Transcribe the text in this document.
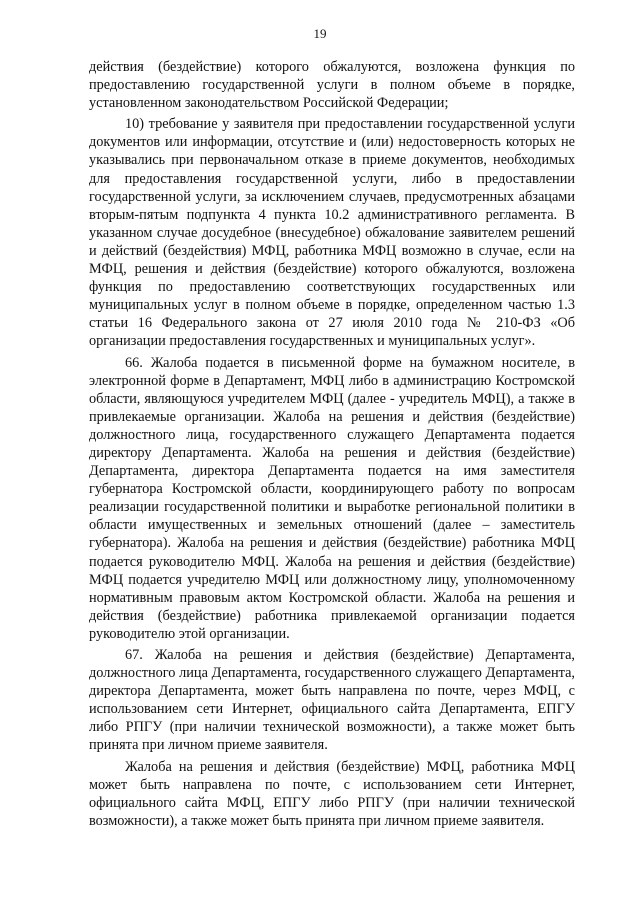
19

действия (бездействие) которого обжалуются, возложена функция по предоставлению государственной услуги в полном объеме в порядке, установленном законодательством Российской Федерации;

10) требование у заявителя при предоставлении государственной услуги документов или информации, отсутствие и (или) недостоверность которых не указывались при первоначальном отказе в приеме документов, необходимых для предоставления государственной услуги, либо в предоставлении государственной услуги, за исключением случаев, предусмотренных абзацами вторым-пятым подпункта 4 пункта 10.2 административного регламента. В указанном случае досудебное (внесудебное) обжалование заявителем решений и действий (бездействия) МФЦ, работника МФЦ возможно в случае, если на МФЦ, решения и действия (бездействие) которого обжалуются, возложена функция по предоставлению соответствующих государственных или муниципальных услуг в полном объеме в порядке, определенном частью 1.3 статьи 16 Федерального закона от 27 июля 2010 года № 210-ФЗ «Об организации предоставления государственных и муниципальных услуг».

66. Жалоба подается в письменной форме на бумажном носителе, в электронной форме в Департамент, МФЦ либо в администрацию Костромской области, являющуюся учредителем МФЦ (далее - учредитель МФЦ), а также в привлекаемые организации. Жалоба на решения и действия (бездействие) должностного лица, государственного служащего Департамента подается директору Департамента. Жалоба на решения и действия (бездействие) Департамента, директора Департамента подается на имя заместителя губернатора Костромской области, координирующего работу по вопросам реализации государственной политики и выработке региональной политики в области имущественных и земельных отношений (далее – заместитель губернатора). Жалоба на решения и действия (бездействие) работника МФЦ подается руководителю МФЦ. Жалоба на решения и действия (бездействие) МФЦ подается учредителю МФЦ или должностному лицу, уполномоченному нормативным правовым актом Костромской области. Жалоба на решения и действия (бездействие) работника привлекаемой организации подается руководителю этой организации.

67. Жалоба на решения и действия (бездействие) Департамента, должностного лица Департамента, государственного служащего Департамента, директора Департамента, может быть направлена по почте, через МФЦ, с использованием сети Интернет, официального сайта Департамента, ЕПГУ либо РПГУ (при наличии технической возможности), а также может быть принята при личном приеме заявителя.

Жалоба на решения и действия (бездействие) МФЦ, работника МФЦ может быть направлена по почте, с использованием сети Интернет, официального сайта МФЦ, ЕПГУ либо РПГУ (при наличии технической возможности), а также может быть принята при личном приеме заявителя.
